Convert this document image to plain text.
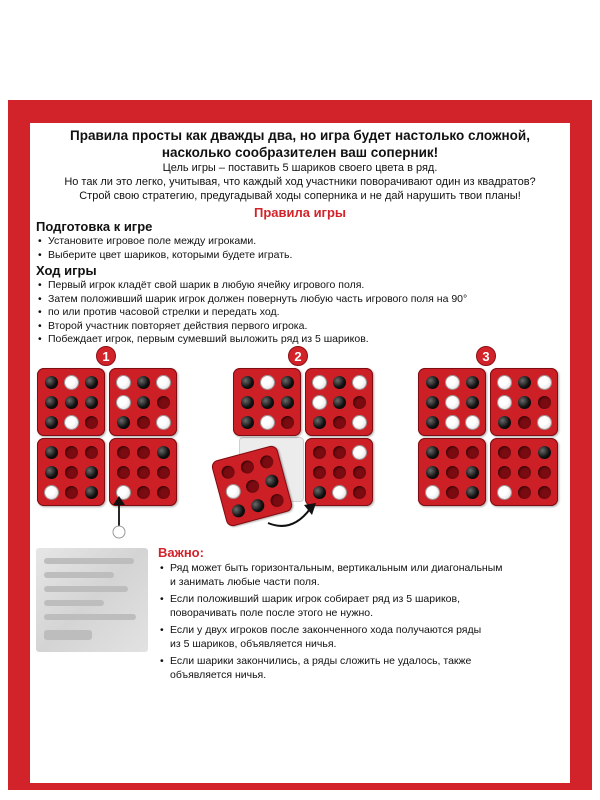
Правила просты как дважды два, но игра будет настолько сложной,

насколько сообразителен ваш соперник!

Цель игры – поставить 5 шариков своего цвета в ряд.

Но так ли это легко, учитывая, что каждый ход участники поворачивают один из квадратов?

Строй свою стратегию, предугадывай ходы соперника и не дай нарушить твои планы!

Правила игры
Подготовка к игре
• Установите игровое поле между игроками.
• Выберите цвет шариков, которыми будете играть.
Ход игры
• Первый игрок кладёт свой шарик в любую ячейку игрового поля.
• Затем положивший шарик игрок должен повернуть любую часть игрового поля на 90°
• по или против часовой стрелки и передать ход.
• Второй участник повторяет действия первого игрока.
• Побеждает игрок, первым сумевший выложить ряд из 5 шариков.
1	2	3
Важно:
• Ряд может быть горизонтальным, вертикальным или диагональным
и занимать любые части поля.
• Если положивший шарик игрок собирает ряд из 5 шариков,
поворачивать поле после этого не нужно.
• Если у двух игроков после законченного хода получаются ряды
из 5 шариков, объявляется ничья.
• Если шарики закончились, а ряды сложить не удалось, также
объявляется ничья.
